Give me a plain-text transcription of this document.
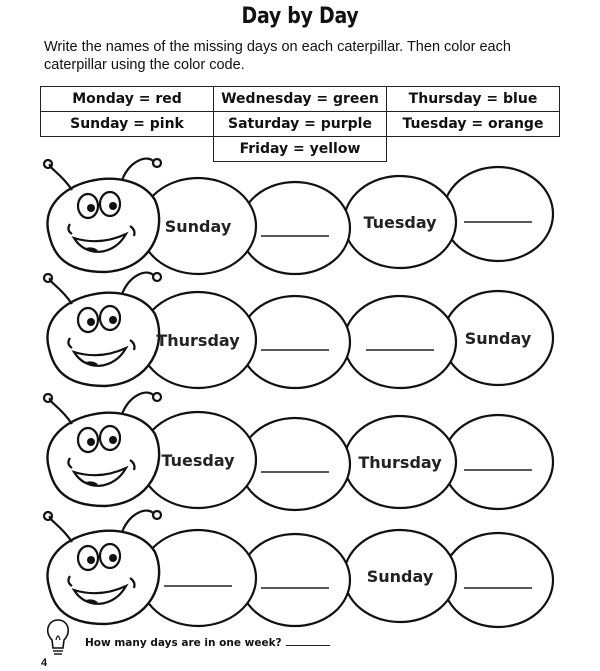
Day by Day
Write the names of the missing days on each caterpillar. Then color each caterpillar using the color code.
Monday = red	Wednesday = green	Thursday = blue
Sunday = pink	Saturday = purple	Tuesday = orange
	Friday = yellow	
Sunday	Tuesday
Thursday	Sunday
Tuesday	Thursday
Sunday
How many days are in one week?
4
